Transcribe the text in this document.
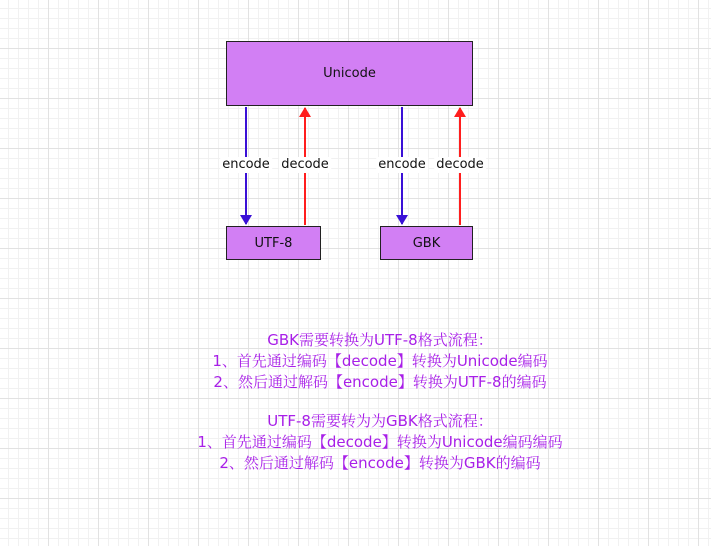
Unicode
UTF-8	GBK
encode decode	encode decode
GBK需要转换为UTF-8格式流程：
1、首先通过编码【decode】转换为Unicode编码
2、然后通过解码【encode】转换为UTF-8的编码
UTF-8需要转为为GBK格式流程：
1、首先通过编码【decode】转换为Unicode编码编码
2、然后通过解码【encode】转换为GBK的编码
